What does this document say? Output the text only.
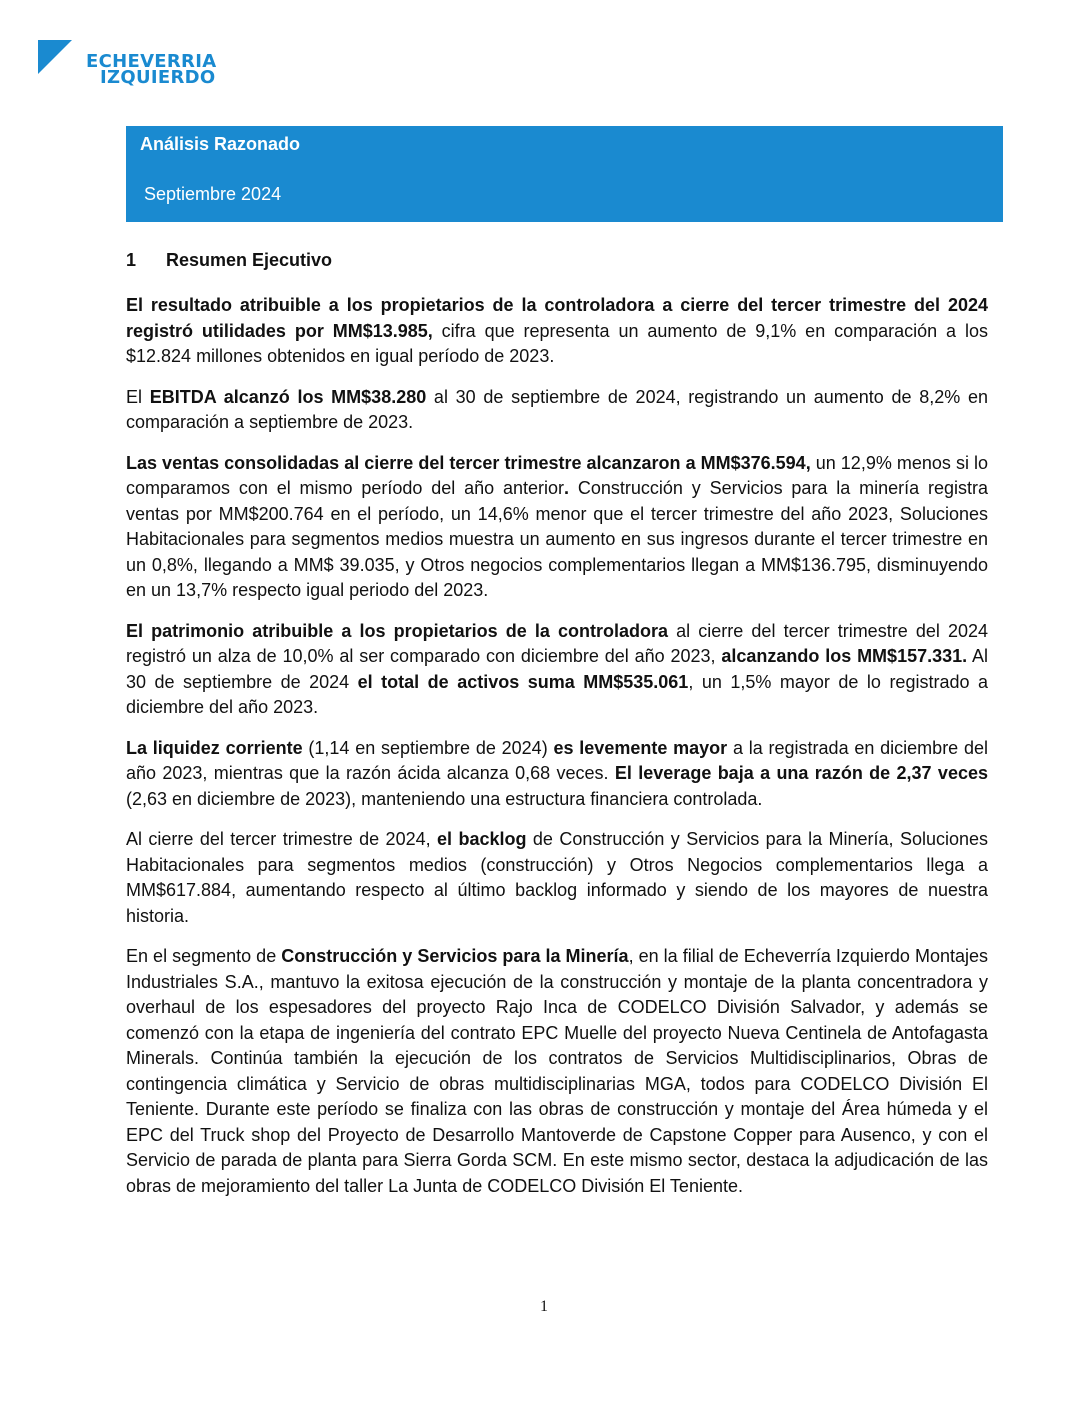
ECHEVERRIA
IZQUIERDO
Análisis Razonado
Septiembre 2024
1	Resumen Ejecutivo

El resultado atribuible a los propietarios de la controladora a cierre del tercer trimestre del 2024 registró utilidades por MM$13.985, cifra que representa un aumento de 9,1% en comparación a los $12.824 millones obtenidos en igual período de 2023.

El EBITDA alcanzó los MM$38.280 al 30 de septiembre de 2024, registrando un aumento de 8,2% en comparación a septiembre de 2023.

Las ventas consolidadas al cierre del tercer trimestre alcanzaron a MM$376.594, un 12,9% menos si lo comparamos con el mismo período del año anterior. Construcción y Servicios para la minería registra ventas por MM$200.764 en el período, un 14,6% menor que el tercer trimestre del año 2023, Soluciones Habitacionales para segmentos medios muestra un aumento en sus ingresos durante el tercer trimestre en un 0,8%, llegando a MM$ 39.035, y Otros negocios complementarios llegan a MM$136.795, disminuyendo en un 13,7% respecto igual periodo del 2023.

El patrimonio atribuible a los propietarios de la controladora al cierre del tercer trimestre del 2024 registró un alza de 10,0% al ser comparado con diciembre del año 2023, alcanzando los MM$157.331. Al 30 de septiembre de 2024 el total de activos suma MM$535.061, un 1,5% mayor de lo registrado a diciembre del año 2023.

La liquidez corriente (1,14 en septiembre de 2024) es levemente mayor a la registrada en diciembre del año 2023, mientras que la razón ácida alcanza 0,68 veces. El leverage baja a una razón de 2,37 veces (2,63 en diciembre de 2023), manteniendo una estructura financiera controlada.

Al cierre del tercer trimestre de 2024, el backlog de Construcción y Servicios para la Minería, Soluciones Habitacionales para segmentos medios (construcción) y Otros Negocios complementarios llega a MM$617.884, aumentando respecto al último backlog informado y siendo de los mayores de nuestra historia.

En el segmento de Construcción y Servicios para la Minería, en la filial de Echeverría Izquierdo Montajes Industriales S.A., mantuvo la exitosa ejecución de la construcción y montaje de la planta concentradora y overhaul de los espesadores del proyecto Rajo Inca de CODELCO División Salvador, y además se comenzó con la etapa de ingeniería del contrato EPC Muelle del proyecto Nueva Centinela de Antofagasta Minerals. Continúa también la ejecución de los contratos de Servicios Multidisciplinarios, Obras de contingencia climática y Servicio de obras multidisciplinarias MGA, todos para CODELCO División El Teniente. Durante este período se finaliza con las obras de construcción y montaje del Área húmeda y el EPC del Truck shop del Proyecto de Desarrollo Mantoverde de Capstone Copper para Ausenco, y con el Servicio de parada de planta para Sierra Gorda SCM. En este mismo sector, destaca la adjudicación de las obras de mejoramiento del taller La Junta de CODELCO División El Teniente.

1
